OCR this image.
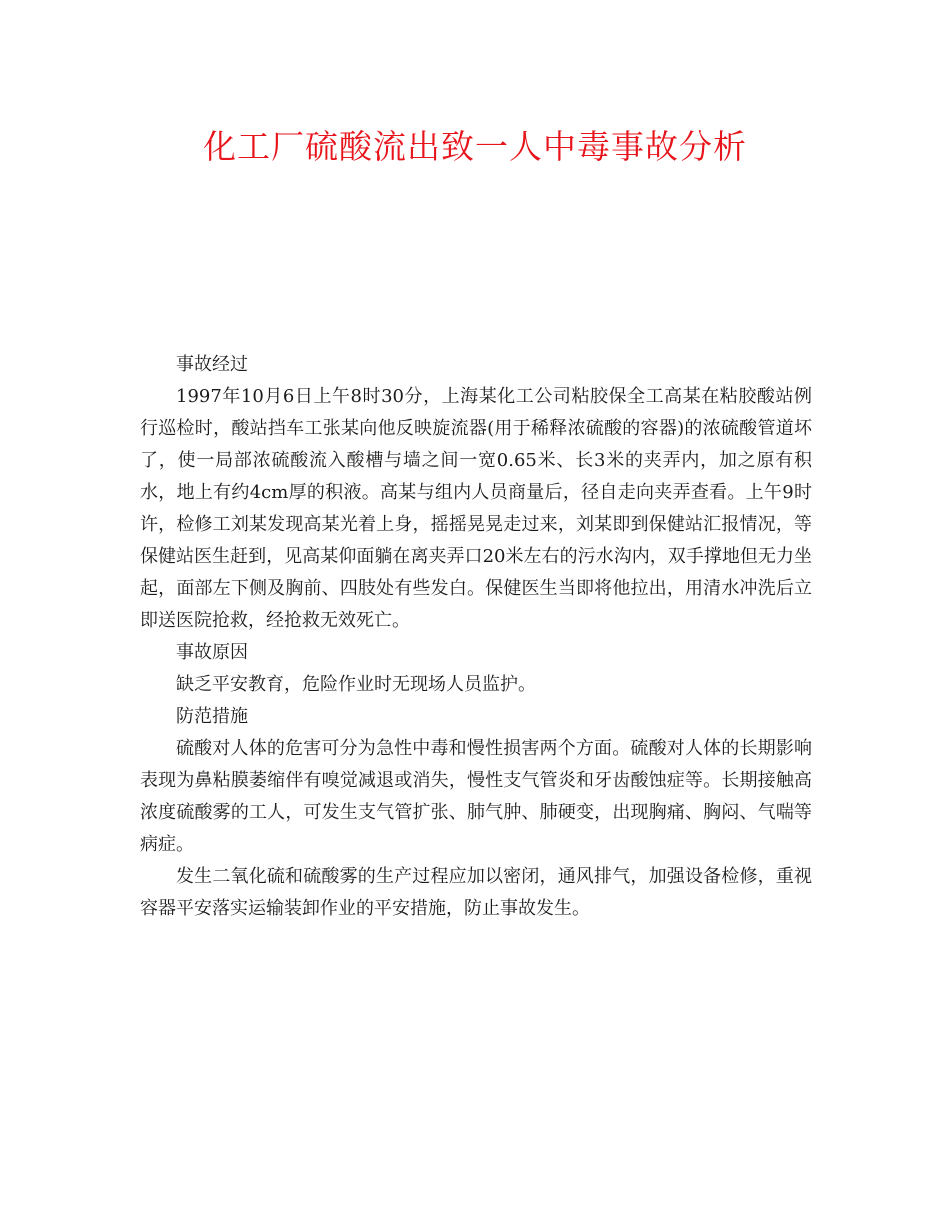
化工厂硫酸流出致一人中毒事故分析

事故经过

1997年10月6日上午8时30分，上海某化工公司粘胶保全工高某在粘胶酸站例行巡检时，酸站挡车工张某向他反映旋流器(用于稀释浓硫酸的容器)的浓硫酸管道坏了，使一局部浓硫酸流入酸槽与墙之间一宽0.65米、长3米的夹弄内，加之原有积水，地上有约4cm厚的积液。高某与组内人员商量后，径自走向夹弄查看。上午9时许，检修工刘某发现高某光着上身，摇摇晃晃走过来，刘某即到保健站汇报情况，等保健站医生赶到，见高某仰面躺在离夹弄口20米左右的污水沟内，双手撑地但无力坐起，面部左下侧及胸前、四肢处有些发白。保健医生当即将他拉出，用清水冲洗后立即送医院抢救，经抢救无效死亡。

事故原因

缺乏平安教育，危险作业时无现场人员监护。

防范措施

硫酸对人体的危害可分为急性中毒和慢性损害两个方面。硫酸对人体的长期影响表现为鼻粘膜萎缩伴有嗅觉减退或消失，慢性支气管炎和牙齿酸蚀症等。长期接触高浓度硫酸雾的工人，可发生支气管扩张、肺气肿、肺硬变，出现胸痛、胸闷、气喘等病症。

发生二氧化硫和硫酸雾的生产过程应加以密闭，通风排气，加强设备检修，重视容器平安落实运输装卸作业的平安措施，防止事故发生。
